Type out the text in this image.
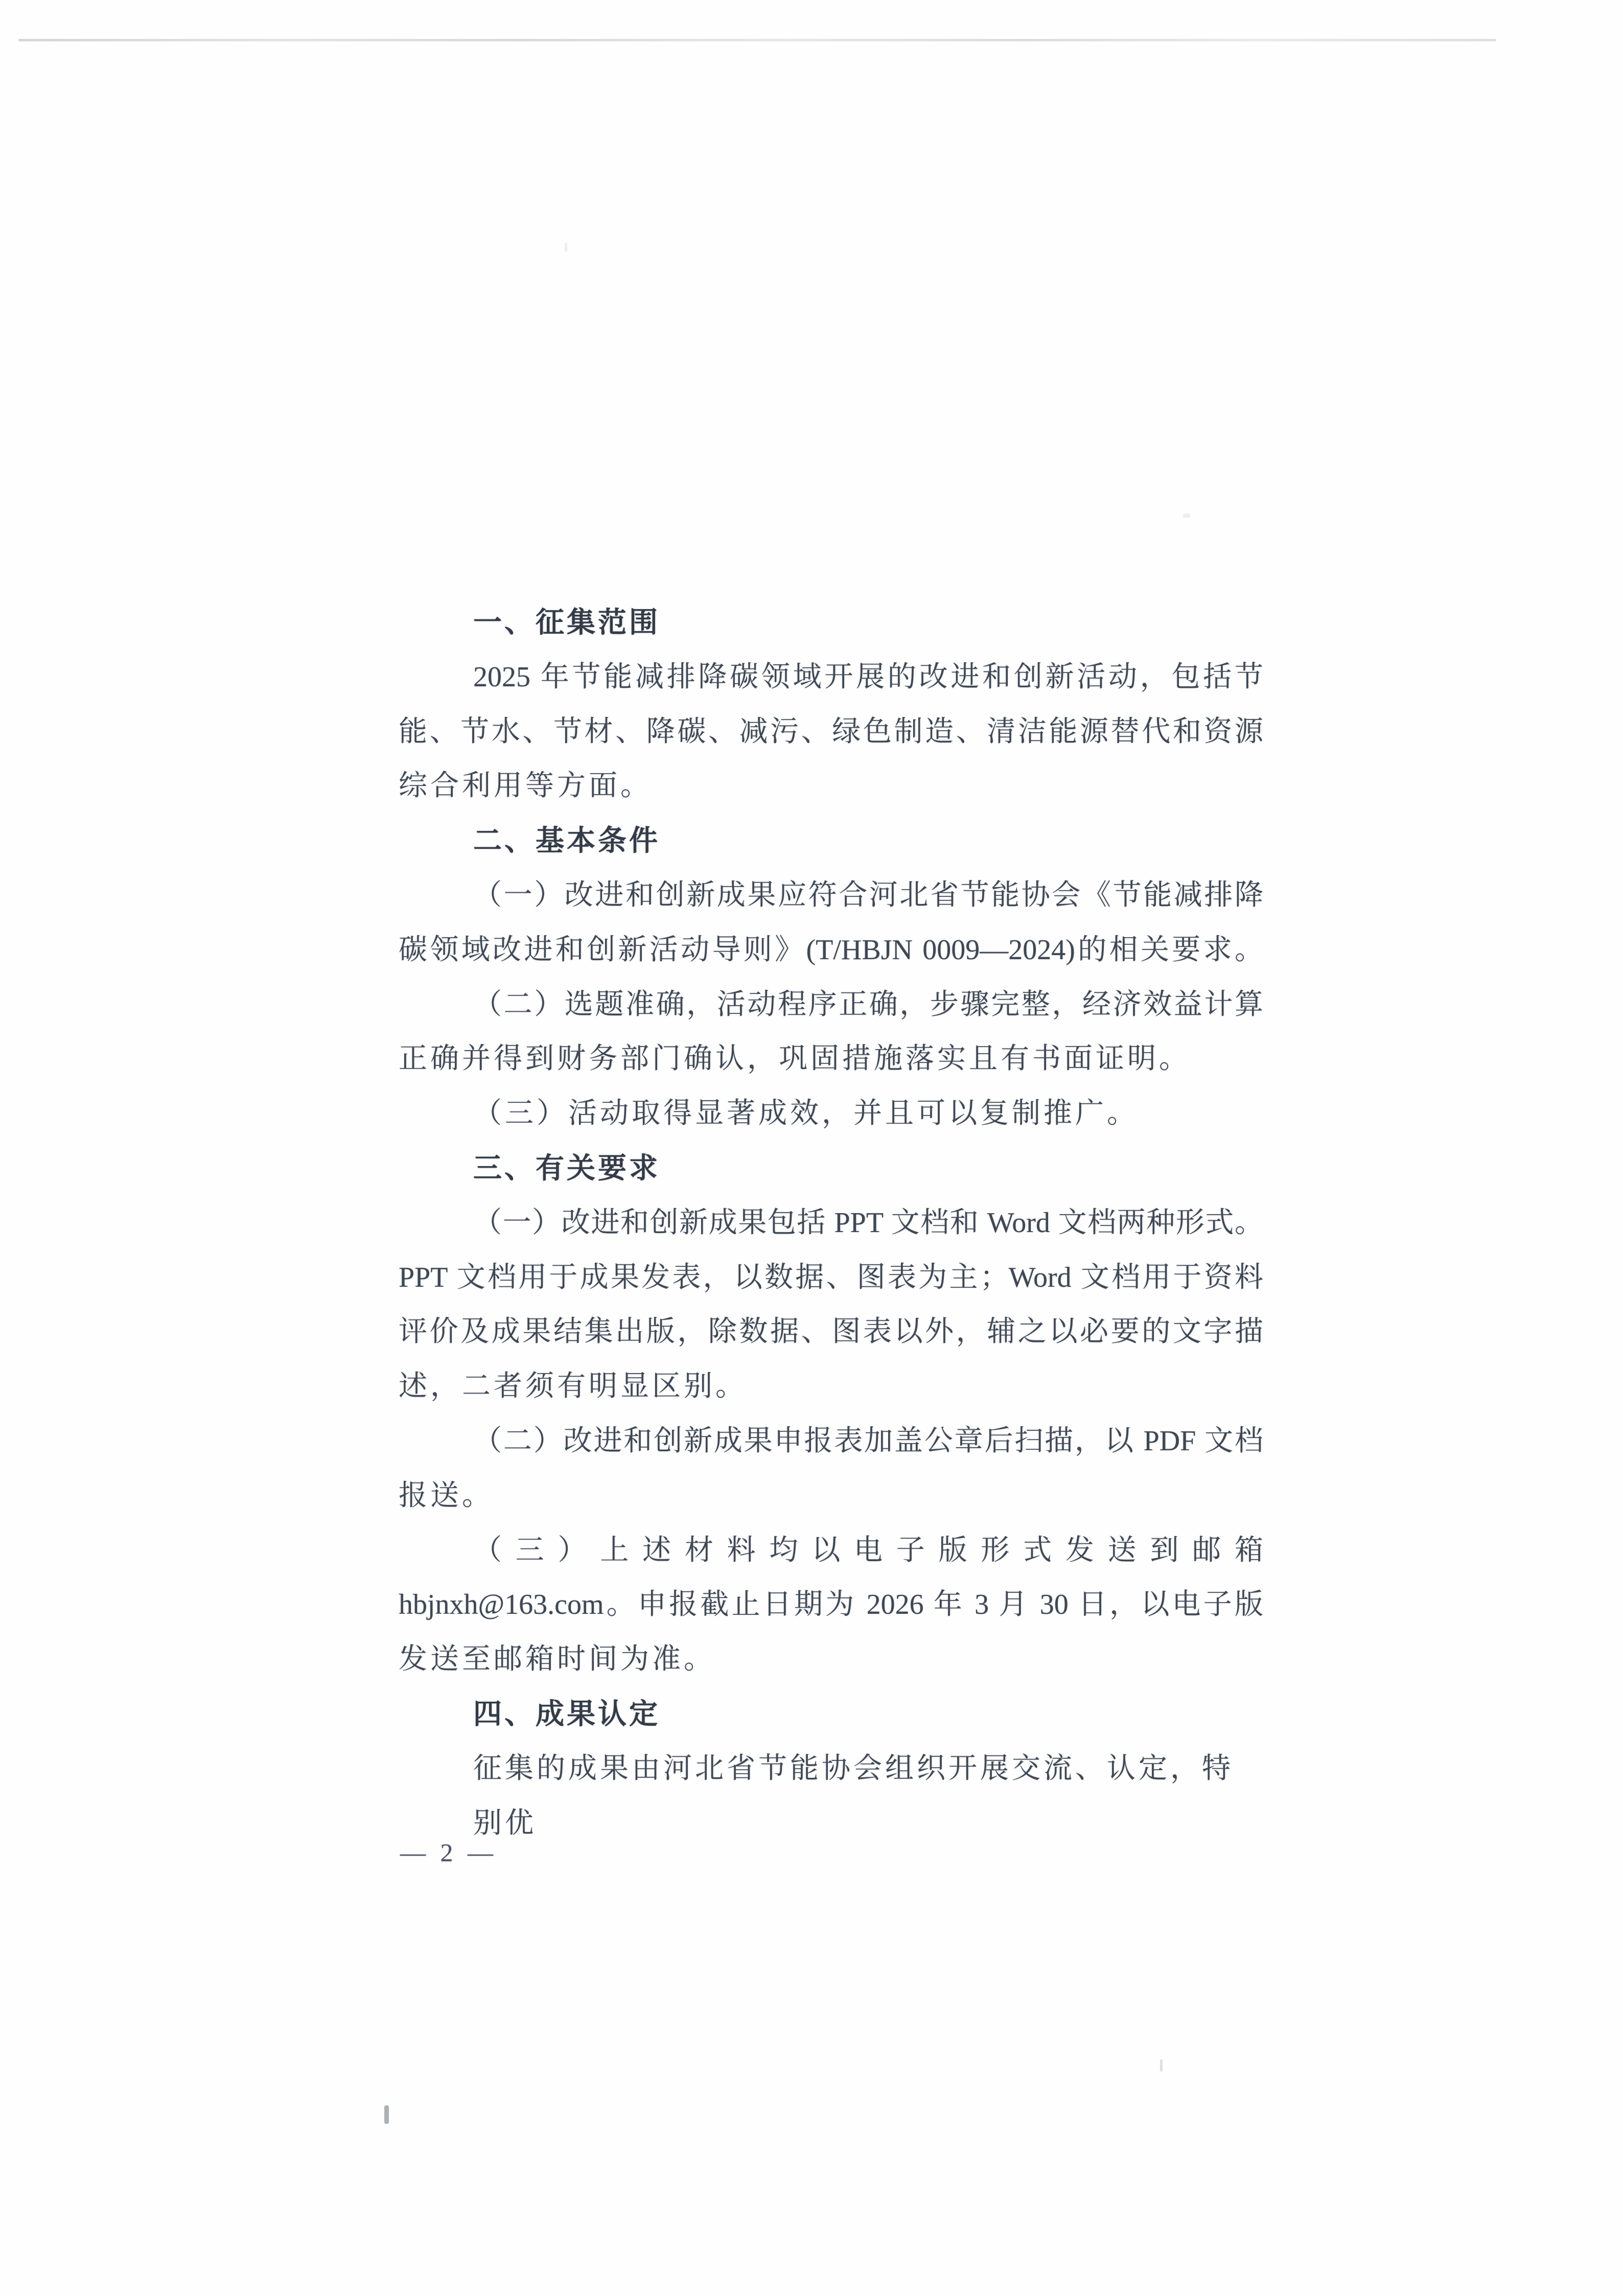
一、征集范围
2025 年节能减排降碳领域开展的改进和创新活动，包括节
能、节水、节材、降碳、减污、绿色制造、清洁能源替代和资源
综合利用等方面。
二、基本条件
（一）改进和创新成果应符合河北省节能协会《节能减排降
碳领域改进和创新活动导则》(T/HBJN 0009—2024)的相关要求。
（二）选题准确，活动程序正确，步骤完整，经济效益计算
正确并得到财务部门确认，巩固措施落实且有书面证明。
（三）活动取得显著成效，并且可以复制推广。
三、有关要求
（一）改进和创新成果包括 PPT 文档和 Word 文档两种形式。
PPT 文档用于成果发表，以数据、图表为主；Word 文档用于资料
评价及成果结集出版，除数据、图表以外，辅之以必要的文字描
述，二者须有明显区别。
（二）改进和创新成果申报表加盖公章后扫描，以 PDF 文档
报送。
（三）上述材料均以电子版形式发送到邮箱
hbjnxh@163.com。申报截止日期为 2026 年 3 月 30 日，以电子版
发送至邮箱时间为准。
四、成果认定
征集的成果由河北省节能协会组织开展交流、认定，特别优
— 2 —
